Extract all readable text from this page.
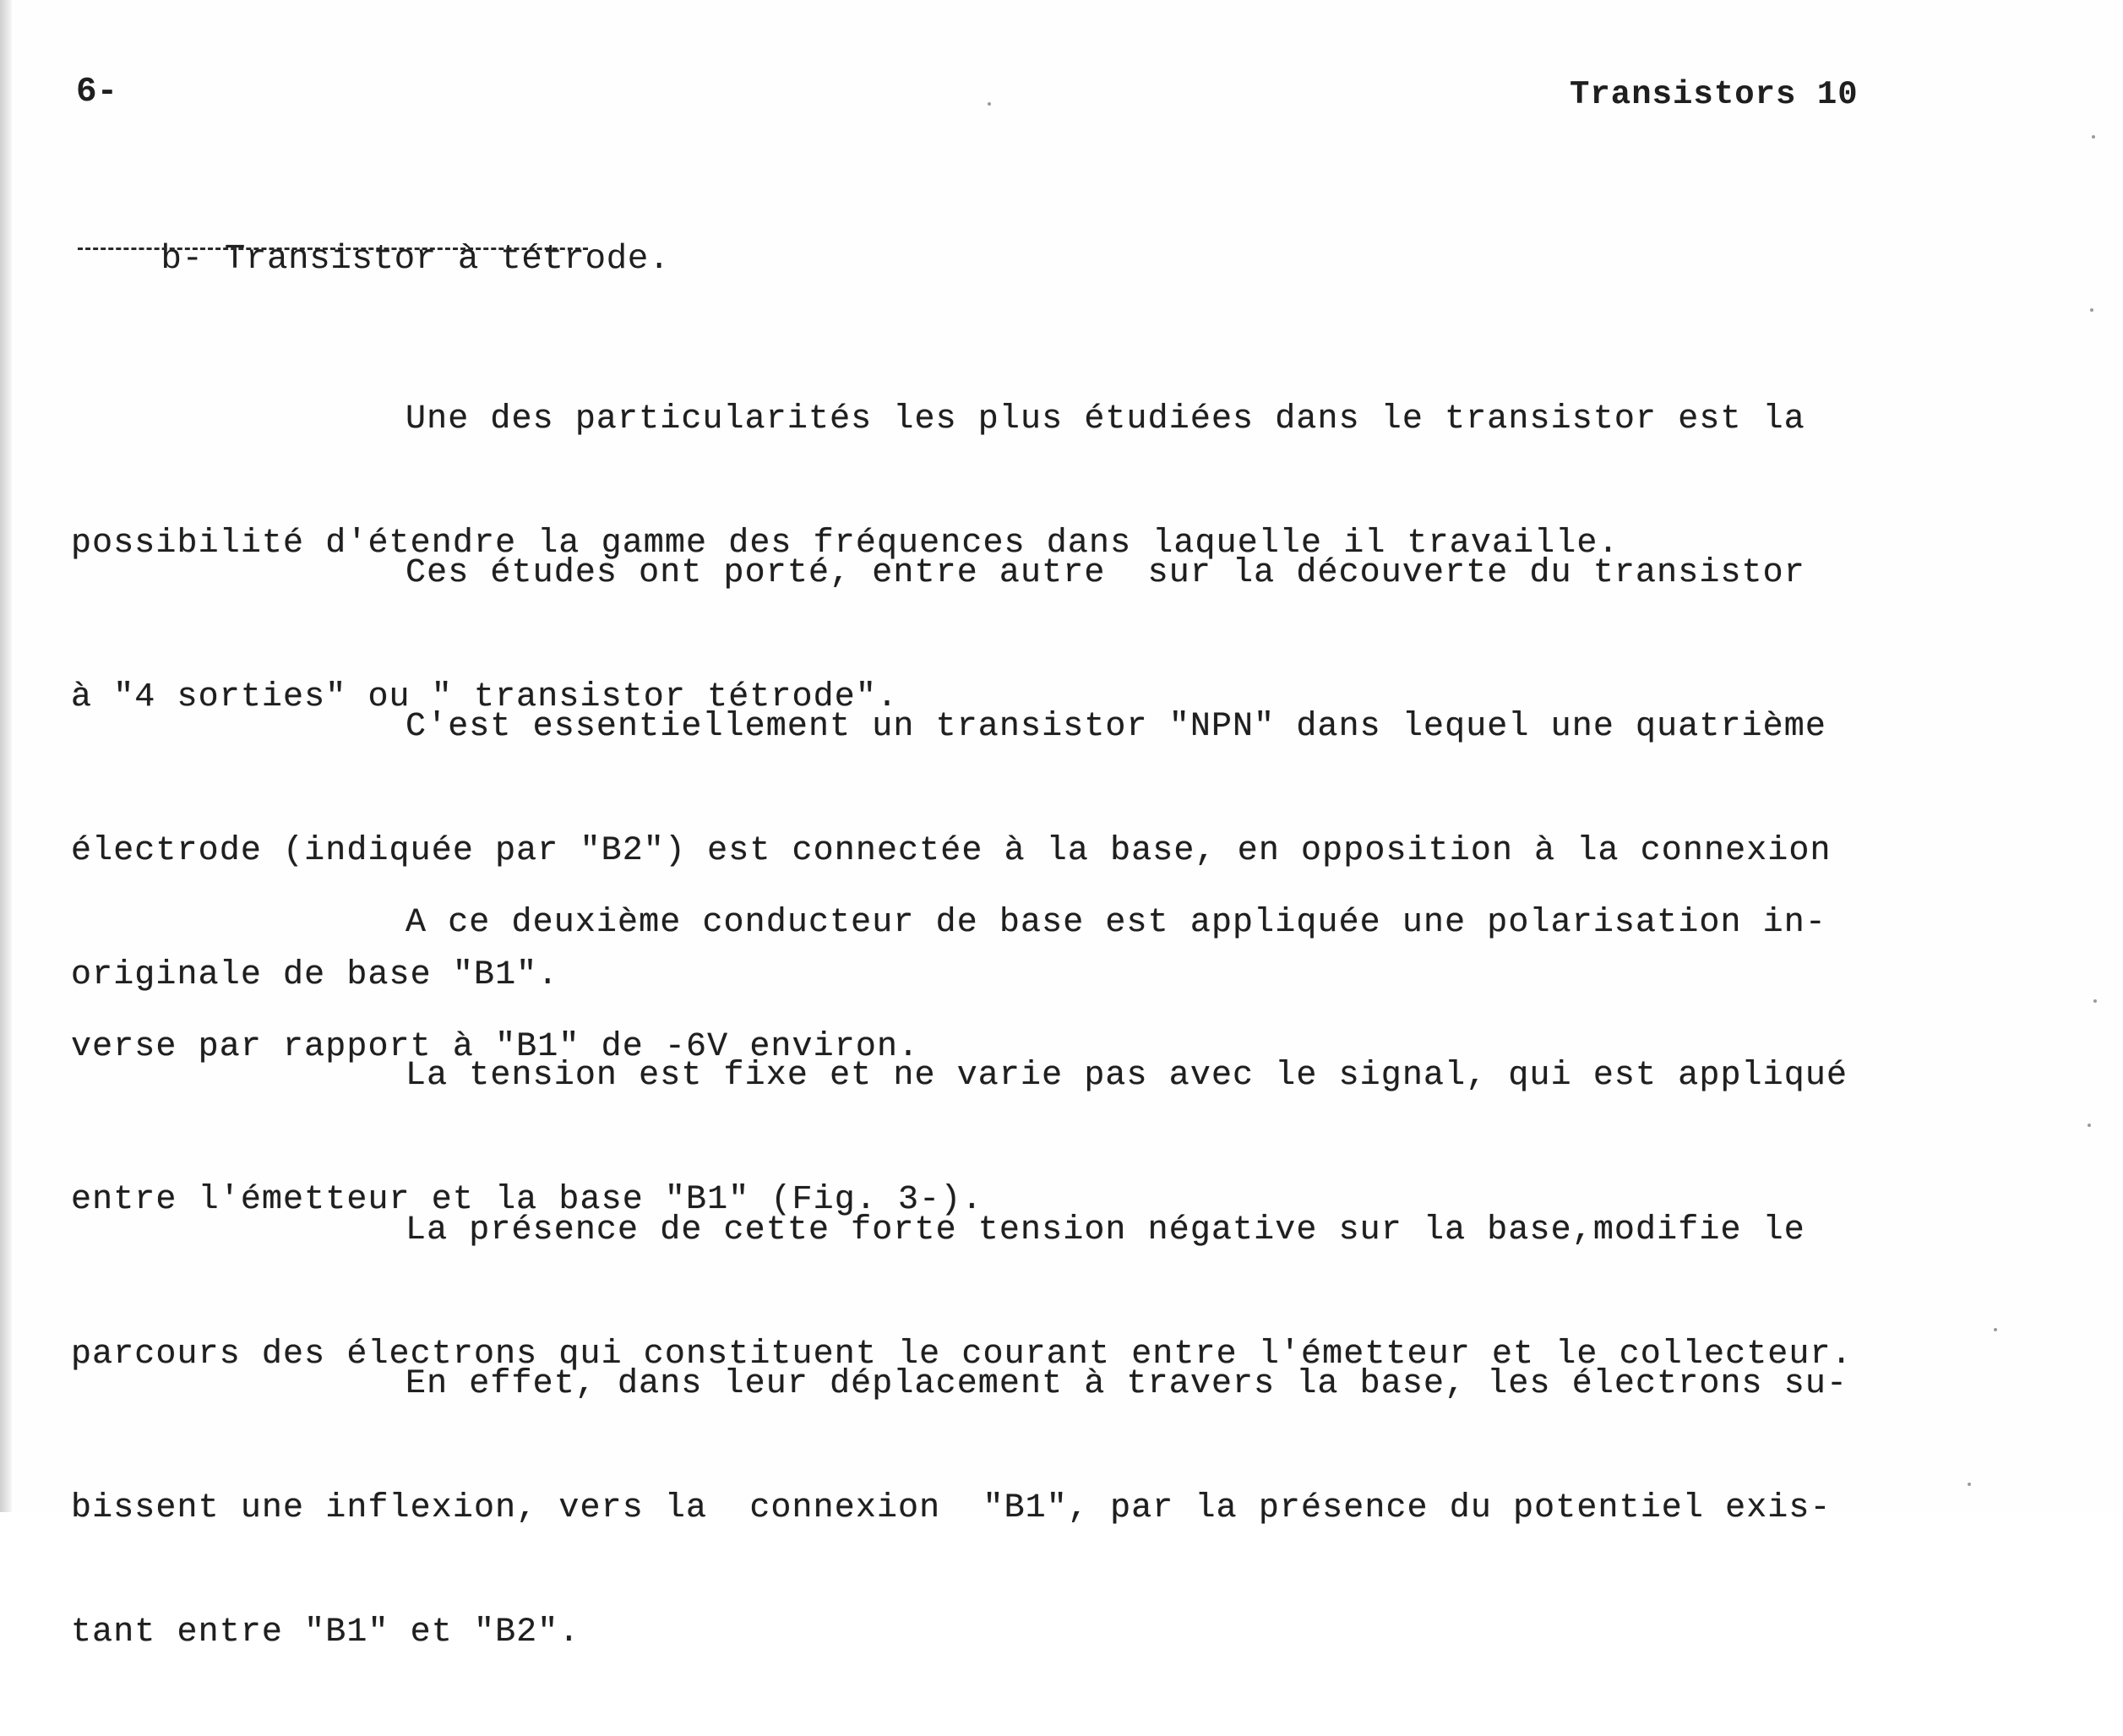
6-	Transistors 10

b- Transistor à tétrode.

Une des particularités les plus étudiées dans le transistor est la

possibilité d'étendre la gamme des fréquences dans laquelle il travaille.

Ces études ont porté, entre autre  sur la découverte du transistor

à "4 sorties" ou " transistor tétrode".

C'est essentiellement un transistor "NPN" dans lequel une quatrième

électrode (indiquée par "B2") est connectée à la base, en opposition à la connexion

originale de base "B1".

A ce deuxième conducteur de base est appliquée une polarisation in-

verse par rapport à "B1" de -6V environ.

La tension est fixe et ne varie pas avec le signal, qui est appliqué

entre l'émetteur et la base "B1" (Fig. 3-).

La présence de cette forte tension négative sur la base,modifie le

parcours des électrons qui constituent le courant entre l'émetteur et le collecteur.

En effet, dans leur déplacement à travers la base, les électrons su-

bissent une inflexion, vers la  connexion  "B1", par la présence du potentiel exis-

tant entre "B1" et "B2".
